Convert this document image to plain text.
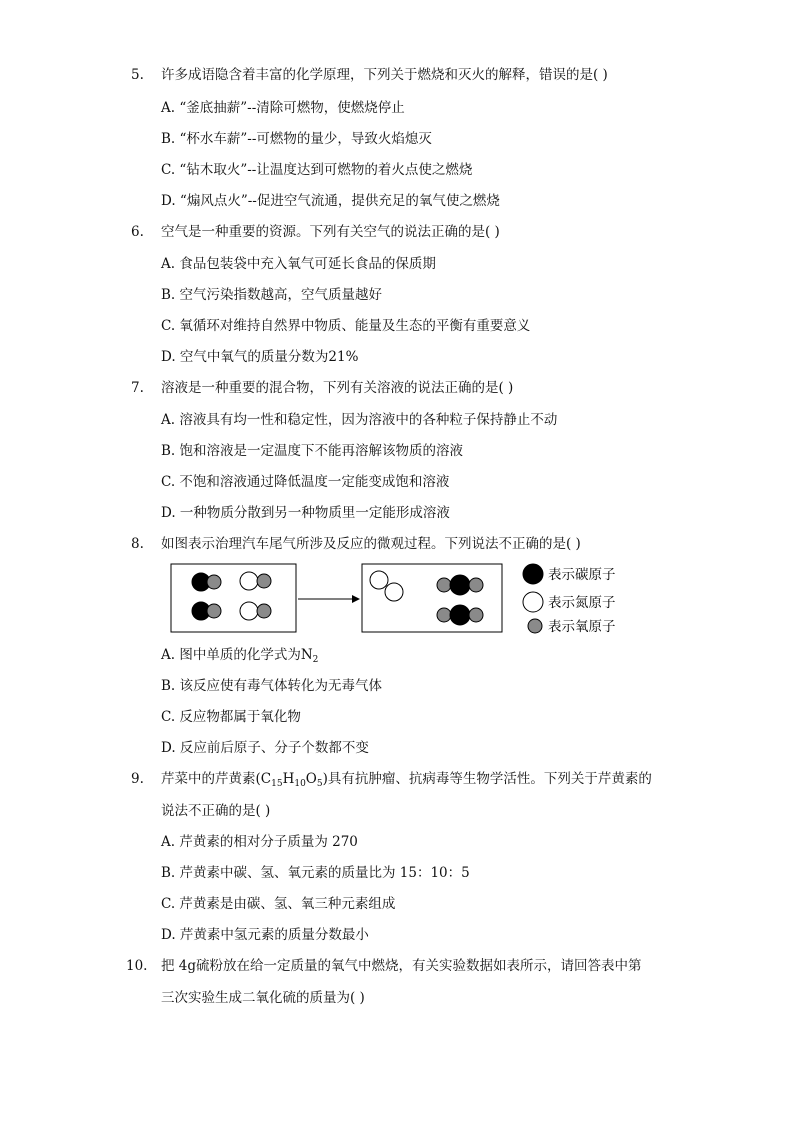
5. 许多成语隐含着丰富的化学原理，下列关于燃烧和灭火的解释，错误的是( )
A. “釜底抽薪”--清除可燃物，使燃烧停止
B. “杯水车薪”--可燃物的量少，导致火焰熄灭
C. “钻木取火”--让温度达到可燃物的着火点使之燃烧
D. “煽风点火”--促进空气流通，提供充足的氧气使之燃烧
6. 空气是一种重要的资源。下列有关空气的说法正确的是( )
A. 食品包装袋中充入氧气可延长食品的保质期
B. 空气污染指数越高，空气质量越好
C. 氧循环对维持自然界中物质、能量及生态的平衡有重要意义
D. 空气中氧气的质量分数为21%
7. 溶液是一种重要的混合物，下列有关溶液的说法正确的是( )
A. 溶液具有均一性和稳定性，因为溶液中的各种粒子保持静止不动
B. 饱和溶液是一定温度下不能再溶解该物质的溶液
C. 不饱和溶液通过降低温度一定能变成饱和溶液
D. 一种物质分散到另一种物质里一定能形成溶液
8. 如图表示治理汽车尾气所涉及反应的微观过程。下列说法不正确的是( )
表示碳原子
表示氮原子
表示氧原子
A. 图中单质的化学式为$N_2$
B. 该反应使有毒气体转化为无毒气体
C. 反应物都属于氧化物
D. 反应前后原子、分子个数都不变
9. 芹菜中的芹黄素$(C_{15}H_{10}O_5)$具有抗肿瘤、抗病毒等生物学活性。下列关于芹黄素的
说法不正确的是( )
A. 芹黄素的相对分子质量为 270
B. 芹黄素中碳、氢、氧元素的质量比为 15：10：5
C. 芹黄素是由碳、氢、氧三种元素组成
D. 芹黄素中氢元素的质量分数最小
10. 把 4g硫粉放在给一定质量的氧气中燃烧，有关实验数据如表所示，请回答表中第
三次实验生成二氧化硫的质量为( )
